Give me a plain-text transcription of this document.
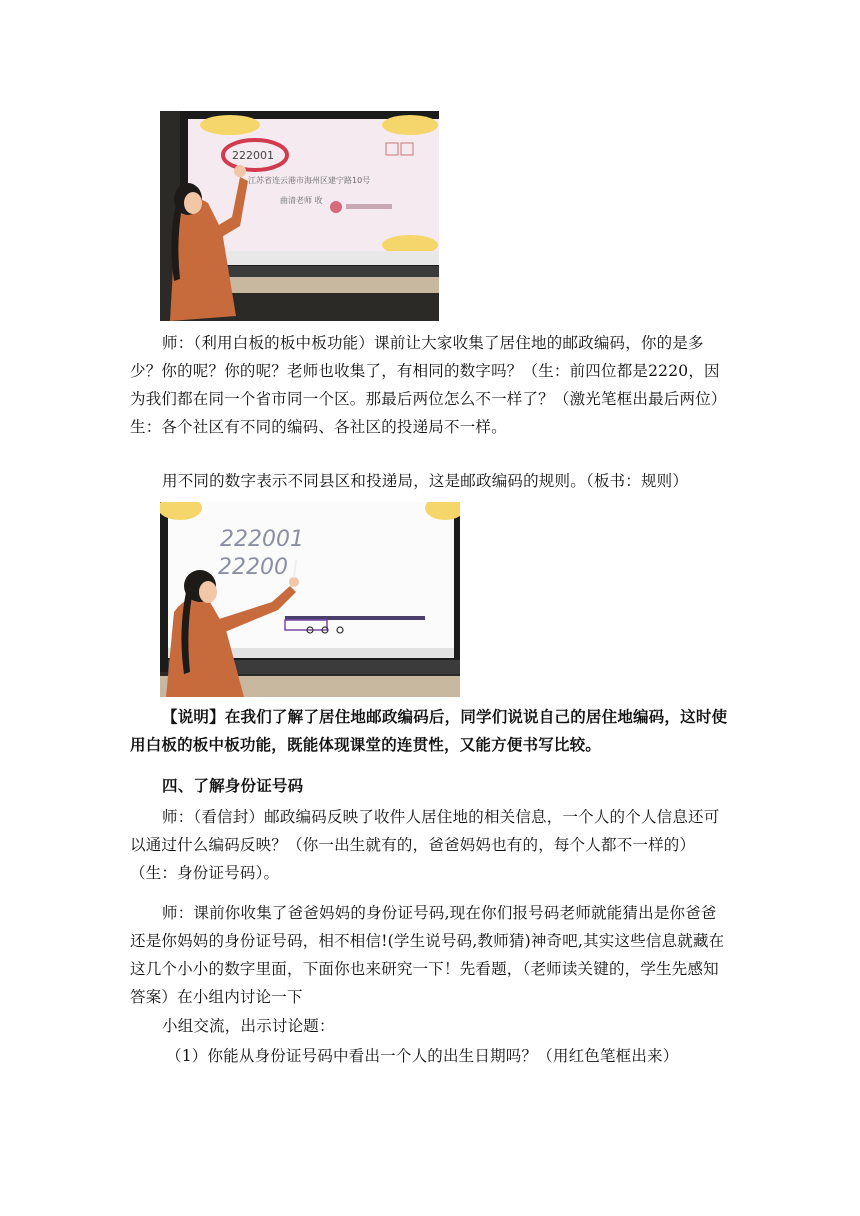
222001
江苏省连云港市海州区建宁路10号
曲清老师 收
师：（利用白板的板中板功能）课前让大家收集了居住地的邮政编码，你的是多少？你的呢？你的呢？老师也收集了，有相同的数字吗？（生：前四位都是2220，因为我们都在同一个省市同一个区。那最后两位怎么不一样了？（激光笔框出最后两位）生：各个社区有不同的编码、各社区的投递局不一样。
用不同的数字表示不同县区和投递局，这是邮政编码的规则。（板书：规则）
222001
22200
【说明】在我们了解了居住地邮政编码后，同学们说说自己的居住地编码，这时使用白板的板中板功能，既能体现课堂的连贯性，又能方便书写比较。
四、了解身份证号码
师：（看信封）邮政编码反映了收件人居住地的相关信息，一个人的个人信息还可以通过什么编码反映？（你一出生就有的，爸爸妈妈也有的，每个人都不一样的）（生：身份证号码）。
师：课前你收集了爸爸妈妈的身份证号码,现在你们报号码老师就能猜出是你爸爸还是你妈妈的身份证号码，相不相信!(学生说号码,教师猜)神奇吧,其实这些信息就藏在这几个小小的数字里面，下面你也来研究一下！先看题，（老师读关键的，学生先感知答案）在小组内讨论一下
小组交流，出示讨论题：
（1）你能从身份证号码中看出一个人的出生日期吗？（用红色笔框出来）
